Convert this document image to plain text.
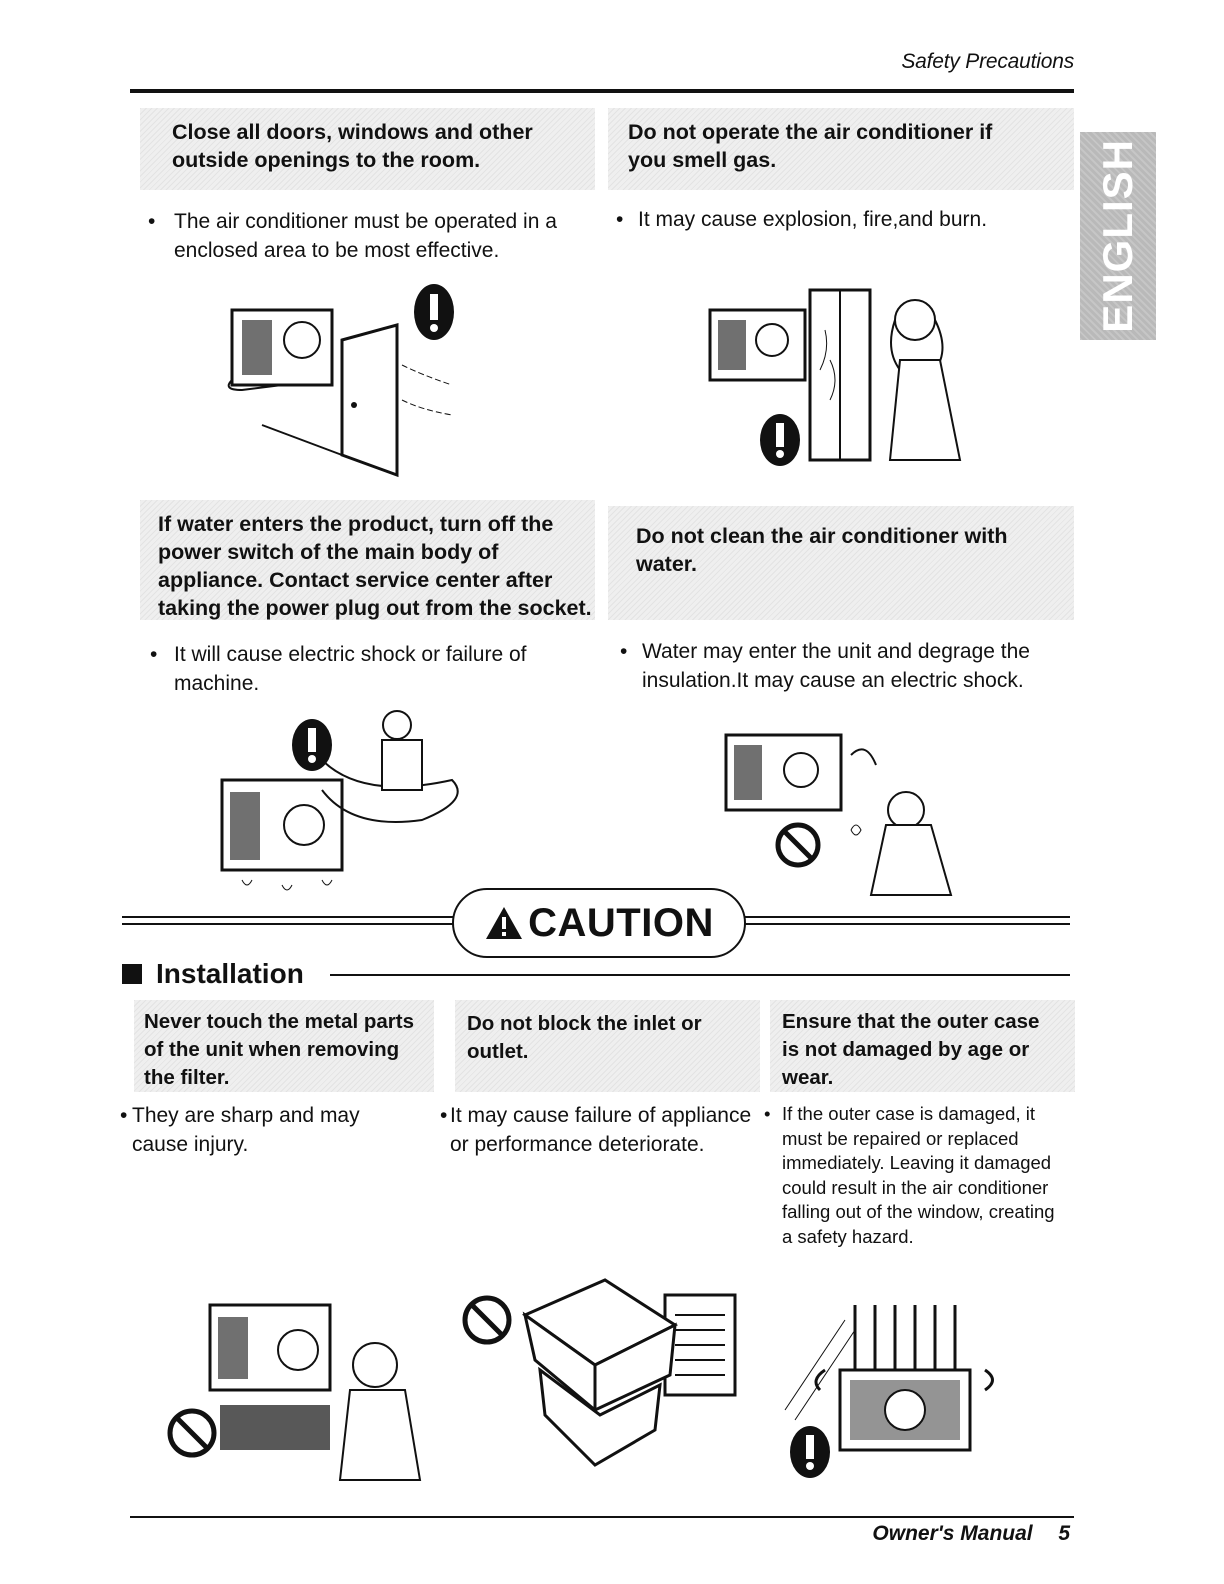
Safety Precautions
ENGLISH
Close all doors, windows and other outside openings to the room.
• The air conditioner must be operated in a enclosed area to be most effective.
Do not operate the air conditioner if you smell gas.
• It may cause explosion, fire,and burn.
If water enters the product, turn off the power switch of the main body of appliance. Contact service center after taking the power plug out from the socket.
• It will cause electric shock or failure of machine.
Do not clean the air conditioner with water.
• Water may enter the unit and degrage the insulation.It may cause an electric shock.
CAUTION
Installation
Never touch the metal parts of the unit when removing the filter.
• They are sharp and may cause injury.
Do not block the inlet or outlet.
• It may cause failure of appliance or performance deteriorate.
Ensure that the outer case is not damaged by age or wear.
• If the outer case is damaged, it must be repaired or replaced immediately. Leaving it damaged could result in the air conditioner falling out of the window, creating a safety hazard.
Owner's Manual 5
